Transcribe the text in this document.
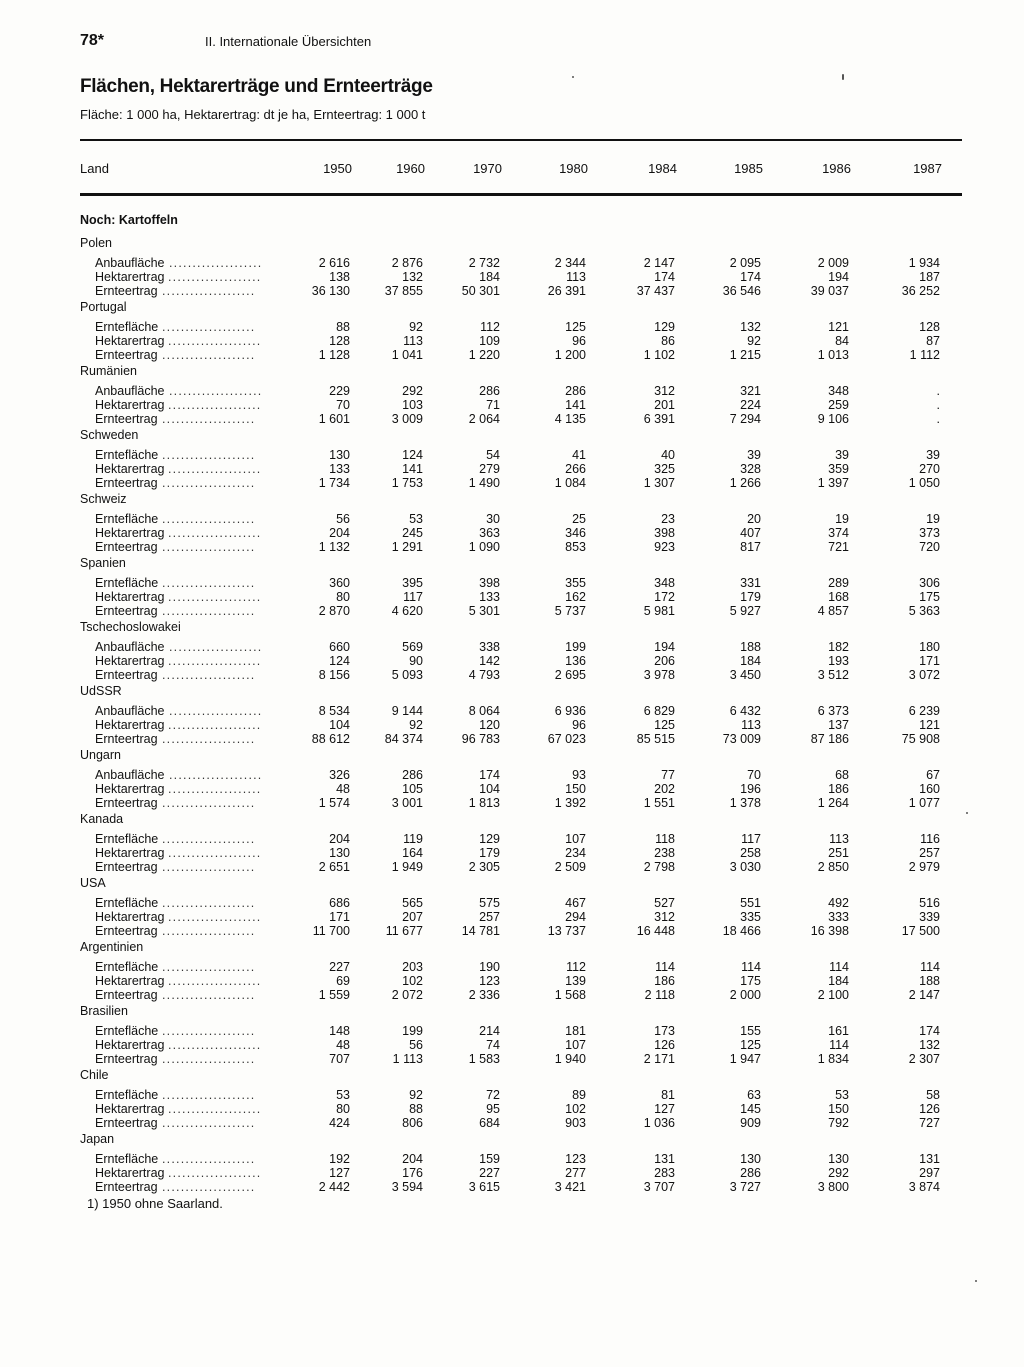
78*	II. Internationale Übersichten
Flächen, Hektarerträge und Ernteerträge
Fläche: 1 000 ha, Hektarertrag: dt je ha, Ernteertrag: 1 000 t
Land	1950	1960	1970	1980	1984	1985	1986	1987
Noch: Kartoffeln
Polen
Anbaufläche ....................	2 616	2 876	2 732	2 344	2 147	2 095	2 009	1 934
Hektarertrag ....................	138	132	184	113	174	174	194	187
Ernteertrag ....................	36 130	37 855	50 301	26 391	37 437	36 546	39 037	36 252
Portugal
Erntefläche ....................	88	92	112	125	129	132	121	128
Hektarertrag ....................	128	113	109	96	86	92	84	87
Ernteertrag ....................	1 128	1 041	1 220	1 200	1 102	1 215	1 013	1 112
Rumänien
Anbaufläche ....................	229	292	286	286	312	321	348	.
Hektarertrag ....................	70	103	71	141	201	224	259	.
Ernteertrag ....................	1 601	3 009	2 064	4 135	6 391	7 294	9 106	.
Schweden
Erntefläche ....................	130	124	54	41	40	39	39	39
Hektarertrag ....................	133	141	279	266	325	328	359	270
Ernteertrag ....................	1 734	1 753	1 490	1 084	1 307	1 266	1 397	1 050
Schweiz
Erntefläche ....................	56	53	30	25	23	20	19	19
Hektarertrag ....................	204	245	363	346	398	407	374	373
Ernteertrag ....................	1 132	1 291	1 090	853	923	817	721	720
Spanien
Erntefläche ....................	360	395	398	355	348	331	289	306
Hektarertrag ....................	80	117	133	162	172	179	168	175
Ernteertrag ....................	2 870	4 620	5 301	5 737	5 981	5 927	4 857	5 363
Tschechoslowakei
Anbaufläche ....................	660	569	338	199	194	188	182	180
Hektarertrag ....................	124	90	142	136	206	184	193	171
Ernteertrag ....................	8 156	5 093	4 793	2 695	3 978	3 450	3 512	3 072
UdSSR
Anbaufläche ....................	8 534	9 144	8 064	6 936	6 829	6 432	6 373	6 239
Hektarertrag ....................	104	92	120	96	125	113	137	121
Ernteertrag ....................	88 612	84 374	96 783	67 023	85 515	73 009	87 186	75 908
Ungarn
Anbaufläche ....................	326	286	174	93	77	70	68	67
Hektarertrag ....................	48	105	104	150	202	196	186	160
Ernteertrag ....................	1 574	3 001	1 813	1 392	1 551	1 378	1 264	1 077
Kanada
Erntefläche ....................	204	119	129	107	118	117	113	116
Hektarertrag ....................	130	164	179	234	238	258	251	257
Ernteertrag ....................	2 651	1 949	2 305	2 509	2 798	3 030	2 850	2 979
USA
Erntefläche ....................	686	565	575	467	527	551	492	516
Hektarertrag ....................	171	207	257	294	312	335	333	339
Ernteertrag ....................	11 700	11 677	14 781	13 737	16 448	18 466	16 398	17 500
Argentinien
Erntefläche ....................	227	203	190	112	114	114	114	114
Hektarertrag ....................	69	102	123	139	186	175	184	188
Ernteertrag ....................	1 559	2 072	2 336	1 568	2 118	2 000	2 100	2 147
Brasilien
Erntefläche ....................	148	199	214	181	173	155	161	174
Hektarertrag ....................	48	56	74	107	126	125	114	132
Ernteertrag ....................	707	1 113	1 583	1 940	2 171	1 947	1 834	2 307
Chile
Erntefläche ....................	53	92	72	89	81	63	53	58
Hektarertrag ....................	80	88	95	102	127	145	150	126
Ernteertrag ....................	424	806	684	903	1 036	909	792	727
Japan
Erntefläche ....................	192	204	159	123	131	130	130	131
Hektarertrag ....................	127	176	227	277	283	286	292	297
Ernteertrag ....................	2 442	3 594	3 615	3 421	3 707	3 727	3 800	3 874
1) 1950 ohne Saarland.
